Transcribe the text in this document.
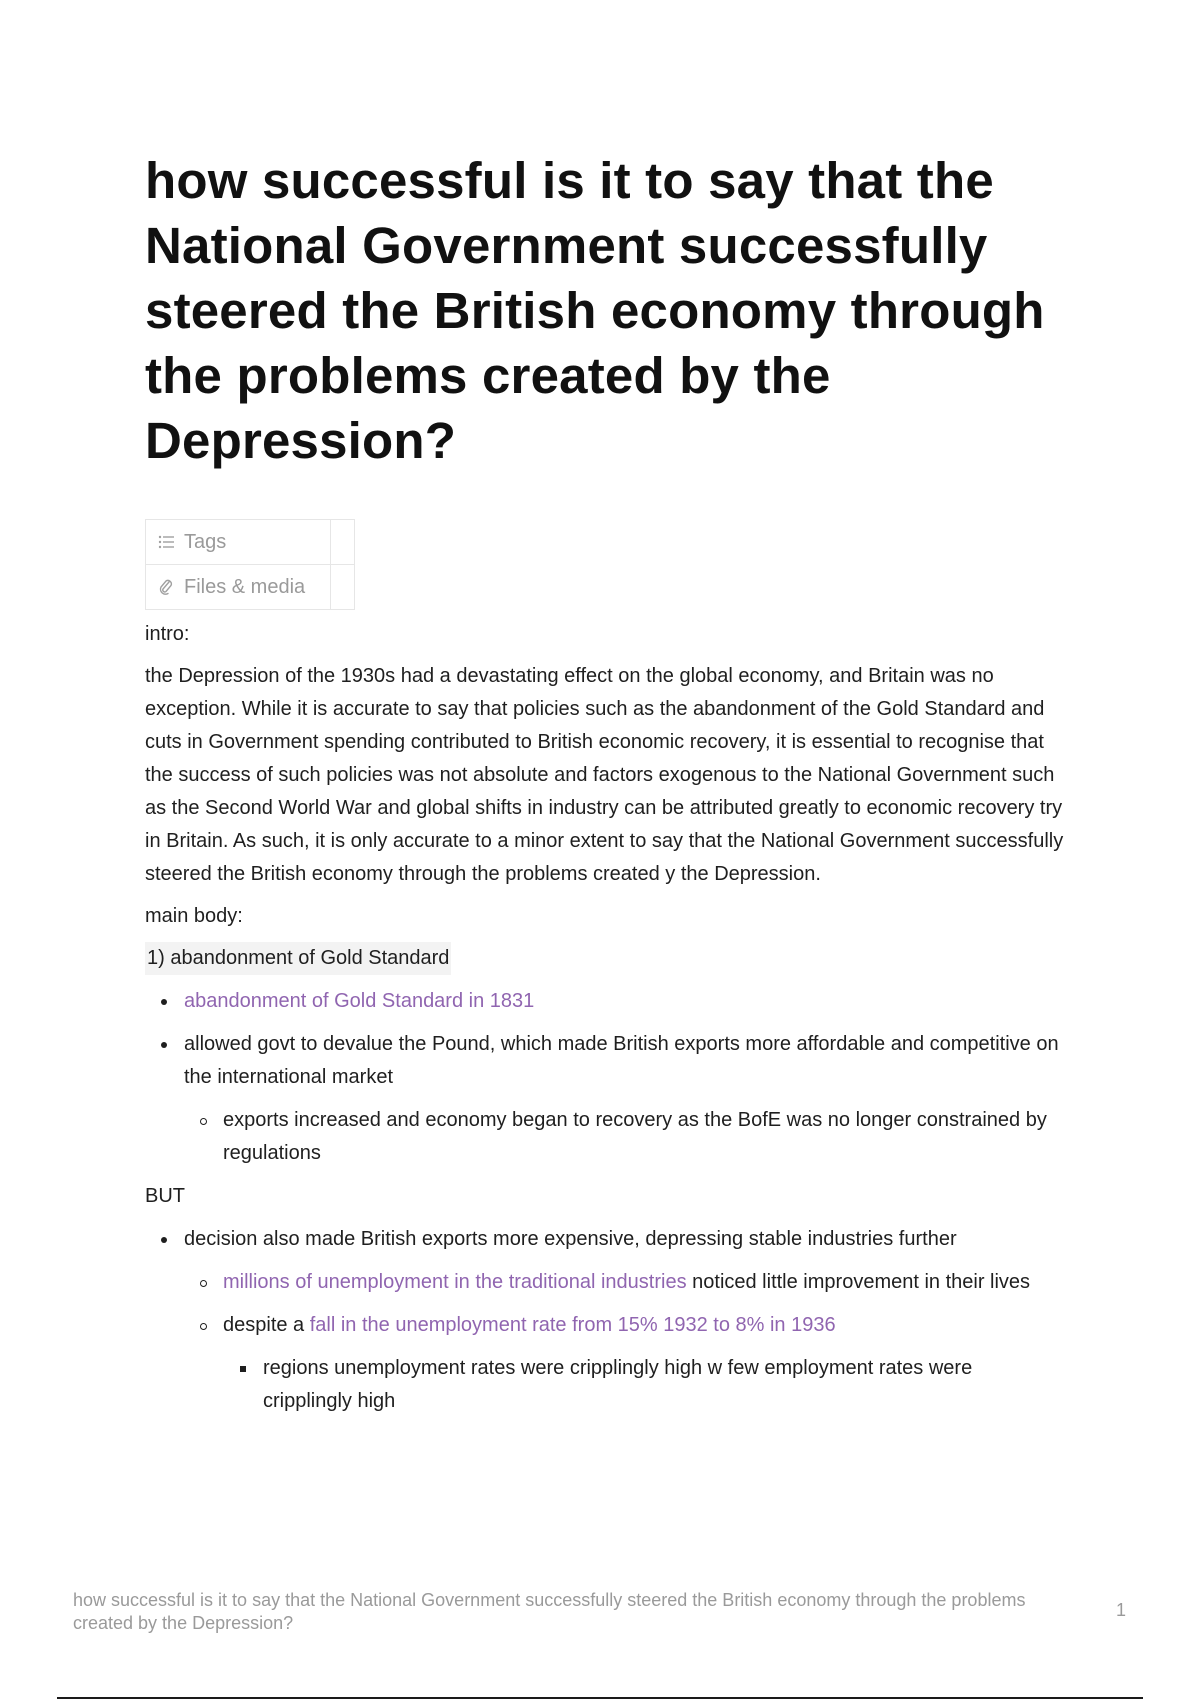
how successful is it to say that the National Government successfully steered the British economy through the problems created by the Depression?
Tags
Files & media

intro:

the Depression of the 1930s had a devastating effect on the global economy, and Britain was no exception. While it is accurate to say that policies such as the abandonment of the Gold Standard and cuts in Government spending contributed to British economic recovery, it is essential to recognise that the success of such policies was not absolute and factors exogenous to the National Government such as the Second World War and global shifts in industry can be attributed greatly to economic recovery try in Britain. As such, it is only accurate to a minor extent to say that the National Government successfully steered the British economy through the problems created y the Depression.

main body:

1) abandonment of Gold Standard
abandonment of Gold Standard in 1831
allowed govt to devalue the Pound, which made British exports more affordable and competitive on the international market
exports increased and economy began to recovery as the BofE was no longer constrained by regulations

BUT

decision also made British exports more expensive, depressing stable industries further
millions of unemployment in the traditional industries noticed little improvement in their lives
despite a fall in the unemployment rate from 15% 1932 to 8% in 1936
regions unemployment rates were cripplingly high w few employment rates were cripplingly high
how successful is it to say that the National Government successfully steered the British economy through the problems created by the Depression?
1
